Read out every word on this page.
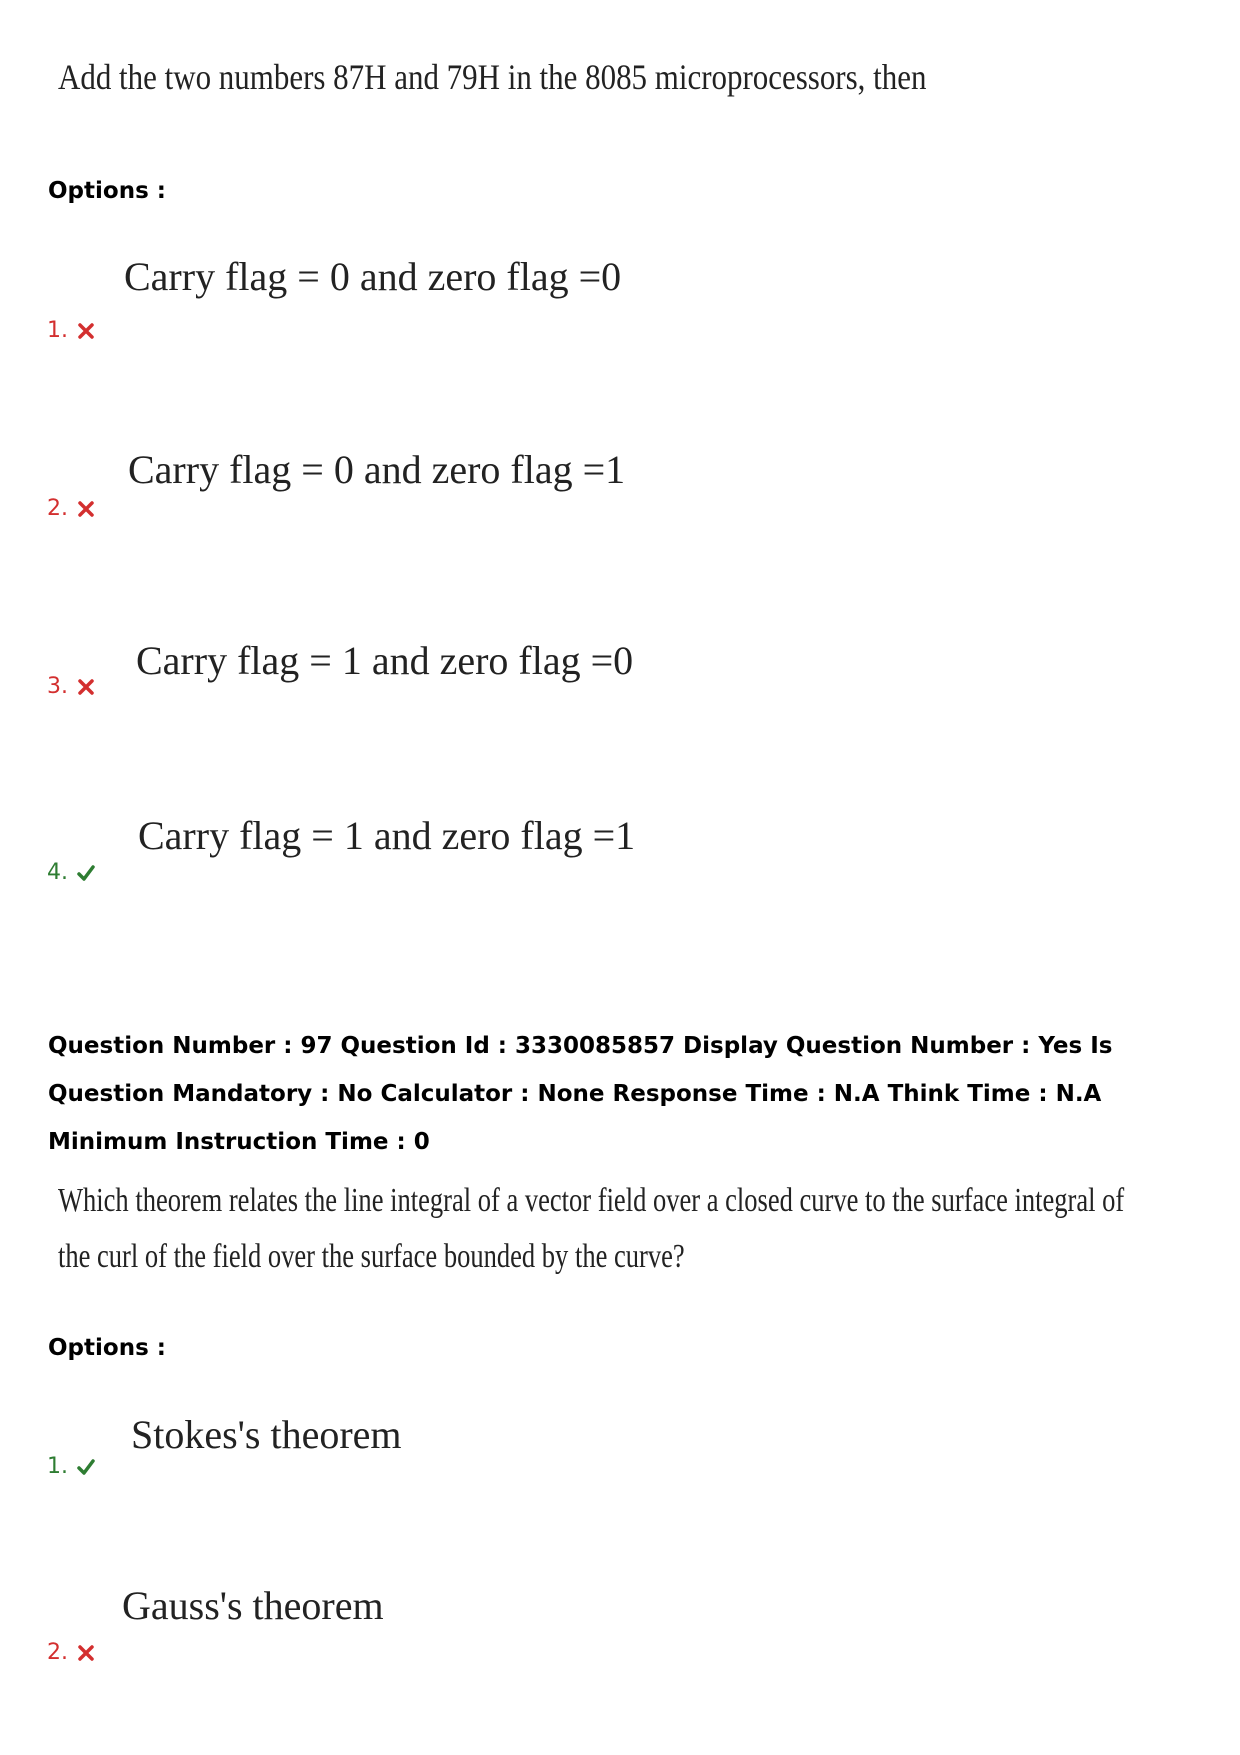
Add the two numbers 87H and 79H in the 8085 microprocessors, then
Options :
Carry flag = 0 and zero flag =0
1.
Carry flag = 0 and zero flag =1
2.
Carry flag = 1 and zero flag =0
3.
Carry flag = 1 and zero flag =1
4.
Question Number : 97 Question Id : 3330085857 Display Question Number : Yes Is Question Mandatory : No Calculator : None Response Time : N.A Think Time : N.A Minimum Instruction Time : 0
Which theorem relates the line integral of a vector field over a closed curve to the surface integral of
the curl of the field over the surface bounded by the curve?
Options :
Stokes's theorem
1.
Gauss's theorem
2.
